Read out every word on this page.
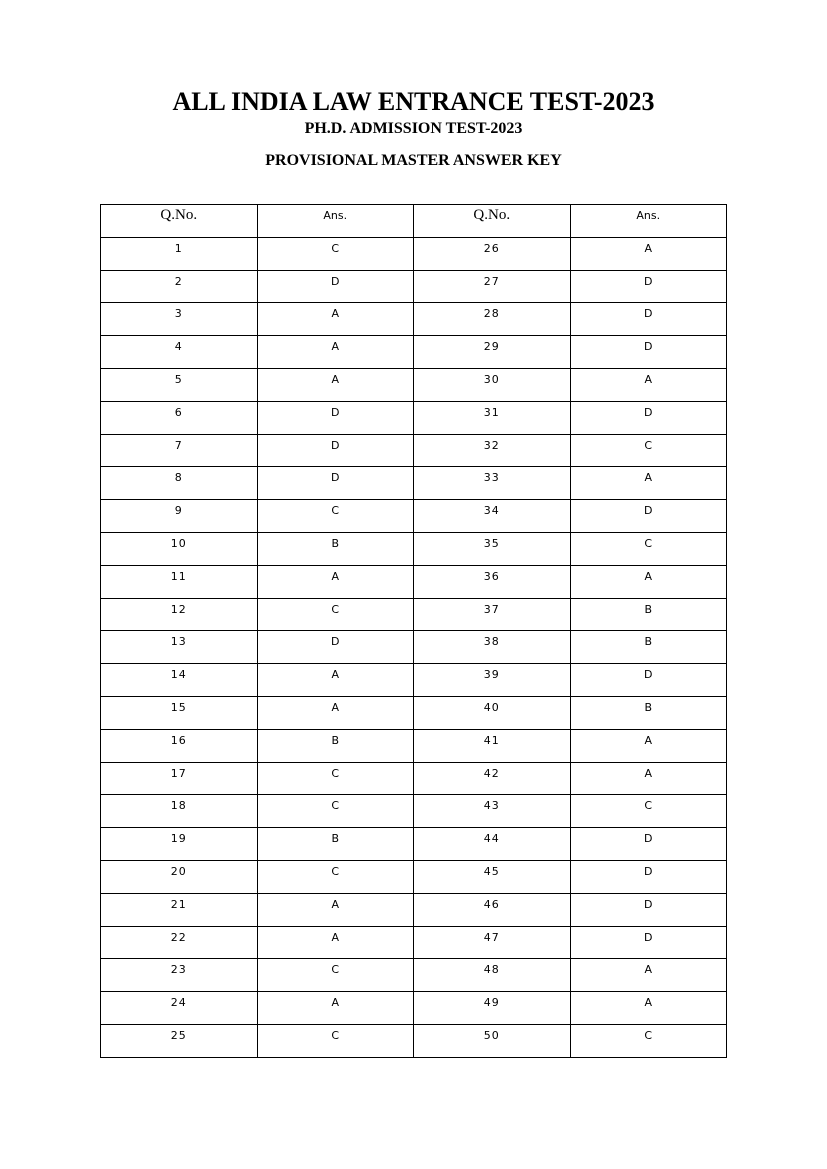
ALL INDIA LAW ENTRANCE TEST-2023
PH.D. ADMISSION TEST-2023
PROVISIONAL MASTER ANSWER KEY
Q.No.	Ans.	Q.No.	Ans.
1	C	26	A
2	D	27	D
3	A	28	D
4	A	29	D
5	A	30	A
6	D	31	D
7	D	32	C
8	D	33	A
9	C	34	D
10	B	35	C
11	A	36	A
12	C	37	B
13	D	38	B
14	A	39	D
15	A	40	B
16	B	41	A
17	C	42	A
18	C	43	C
19	B	44	D
20	C	45	D
21	A	46	D
22	A	47	D
23	C	48	A
24	A	49	A
25	C	50	C
